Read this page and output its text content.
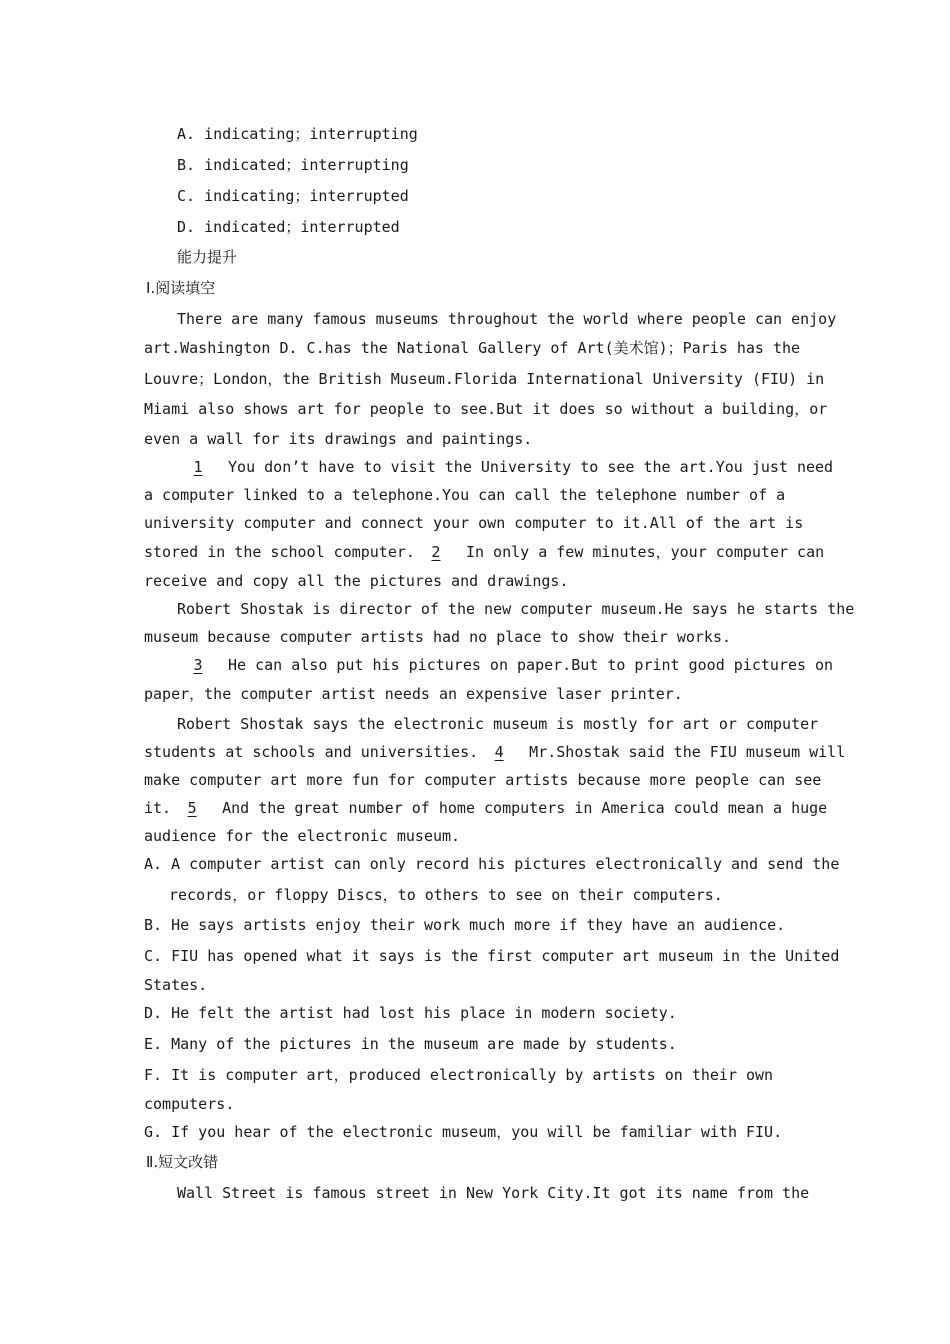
A. indicating；interrupting
B. indicated；interrupting
C. indicating；interrupted
D. indicated；interrupted
能力提升
Ⅰ.阅读填空
There are many famous museums throughout the world where people can enjoy
art.Washington D. C.has the National Gallery of Art(美术馆)；Paris has the
Louvre；London，the British Museum.Florida International University (FIU) in
Miami also shows art for people to see.But it does so without a building，or
even a wall for its drawings and paintings.
1 You don’t have to visit the University to see the art.You just need
a computer linked to a telephone.You can call the telephone number of a
university computer and connect your own computer to it.All of the art is
stored in the school computer. 2 In only a few minutes，your computer can
receive and copy all the pictures and drawings.
Robert Shostak is director of the new computer museum.He says he starts the
museum because computer artists had no place to show their works.
3 He can also put his pictures on paper.But to print good pictures on
paper，the computer artist needs an expensive laser printer.
Robert Shostak says the electronic museum is mostly for art or computer
students at schools and universities. 4 Mr.Shostak said the FIU museum will
make computer art more fun for computer artists because more people can see
it. 5 And the great number of home computers in America could mean a huge
audience for the electronic museum.
A. A computer artist can only record his pictures electronically and send the
records，or floppy Discs，to others to see on their computers.
B. He says artists enjoy their work much more if they have an audience.
C. FIU has opened what it says is the first computer art museum in the United
States.
D. He felt the artist had lost his place in modern society.
E. Many of the pictures in the museum are made by students.
F. It is computer art，produced electronically by artists on their own
computers.
G. If you hear of the electronic museum，you will be familiar with FIU.
Ⅱ.短文改错
Wall Street is famous street in New York City.It got its name from the
